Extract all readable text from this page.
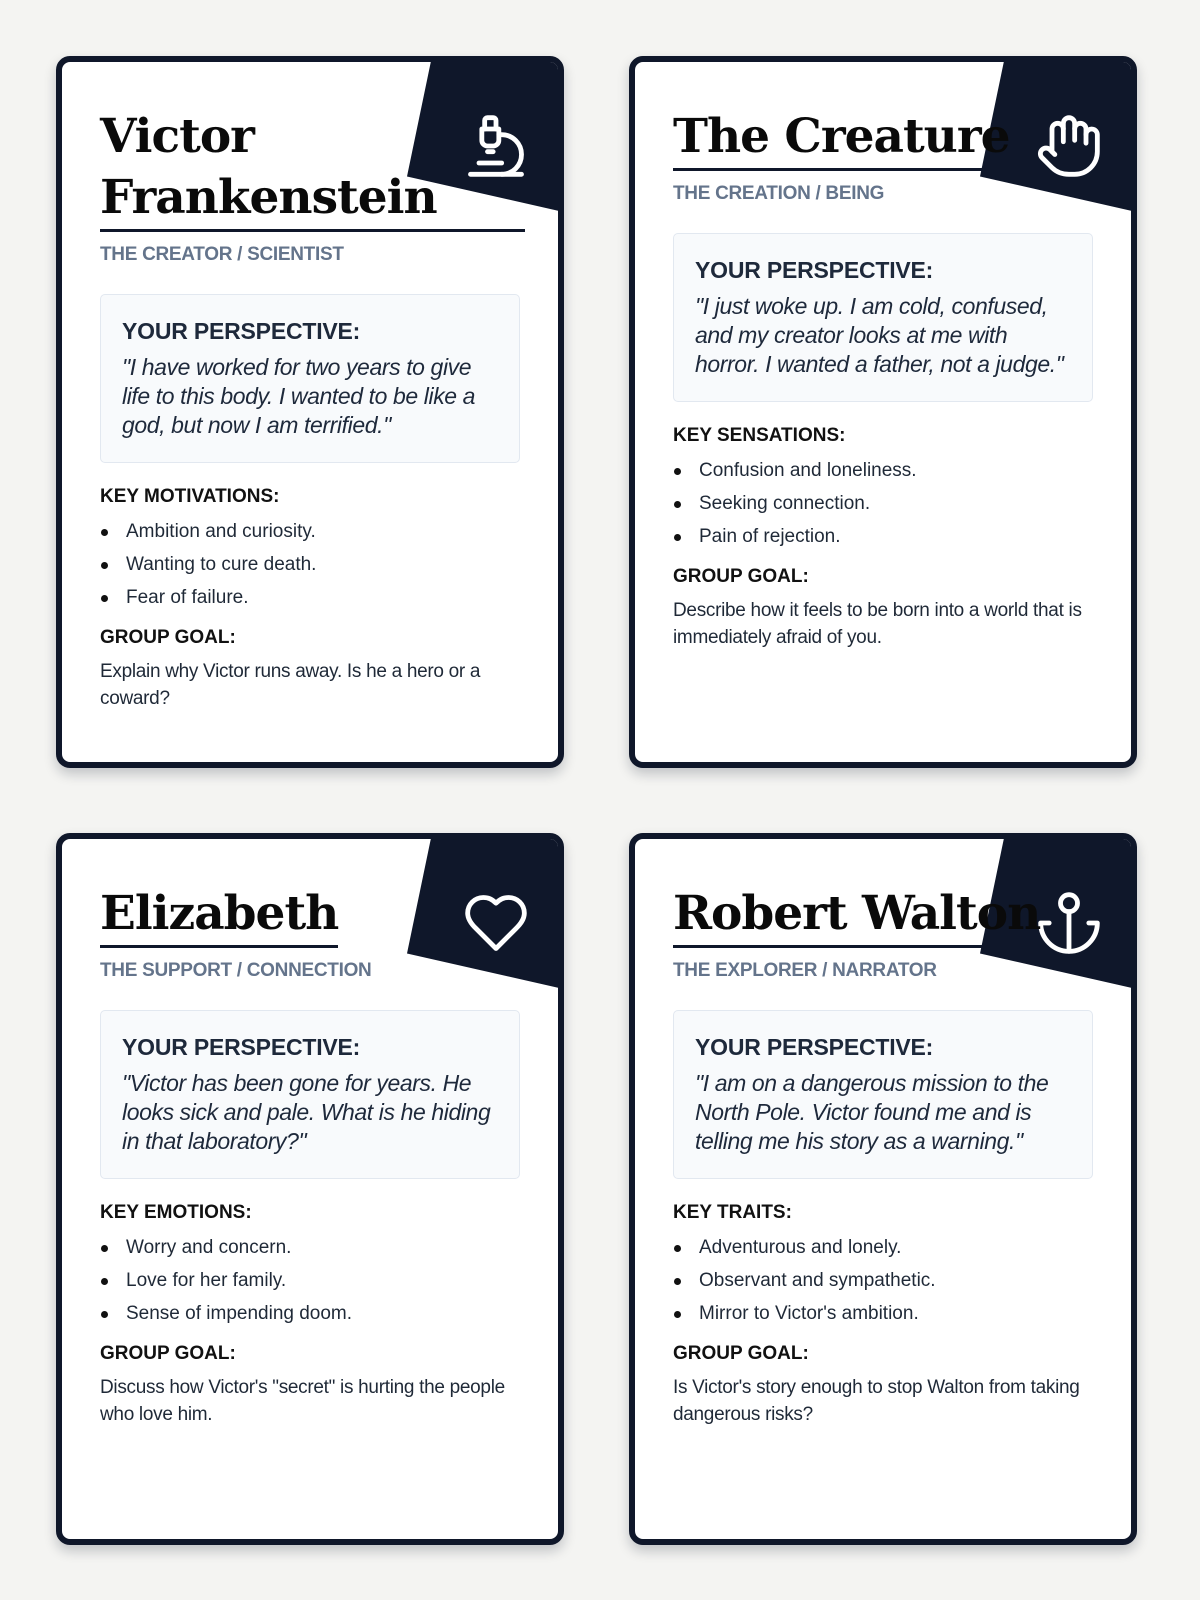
Victor Frankenstein
THE CREATOR / SCIENTIST
YOUR PERSPECTIVE:
"I have worked for two years to give life to this body. I wanted to be like a god, but now I am terrified."
KEY MOTIVATIONS:
Ambition and curiosity.
Wanting to cure death.
Fear of failure.
GROUP GOAL:
Explain why Victor runs away. Is he a hero or a coward?
The Creature
THE CREATION / BEING
YOUR PERSPECTIVE:
"I just woke up. I am cold, confused, and my creator looks at me with horror. I wanted a father, not a judge."
KEY SENSATIONS:
Confusion and loneliness.
Seeking connection.
Pain of rejection.
GROUP GOAL:
Describe how it feels to be born into a world that is immediately afraid of you.
Elizabeth
THE SUPPORT / CONNECTION
YOUR PERSPECTIVE:
"Victor has been gone for years. He looks sick and pale. What is he hiding in that laboratory?"
KEY EMOTIONS:
Worry and concern.
Love for her family.
Sense of impending doom.
GROUP GOAL:
Discuss how Victor's "secret" is hurting the people who love him.
Robert Walton
THE EXPLORER / NARRATOR
YOUR PERSPECTIVE:
"I am on a dangerous mission to the North Pole. Victor found me and is telling me his story as a warning."
KEY TRAITS:
Adventurous and lonely.
Observant and sympathetic.
Mirror to Victor's ambition.
GROUP GOAL:
Is Victor's story enough to stop Walton from taking dangerous risks?
